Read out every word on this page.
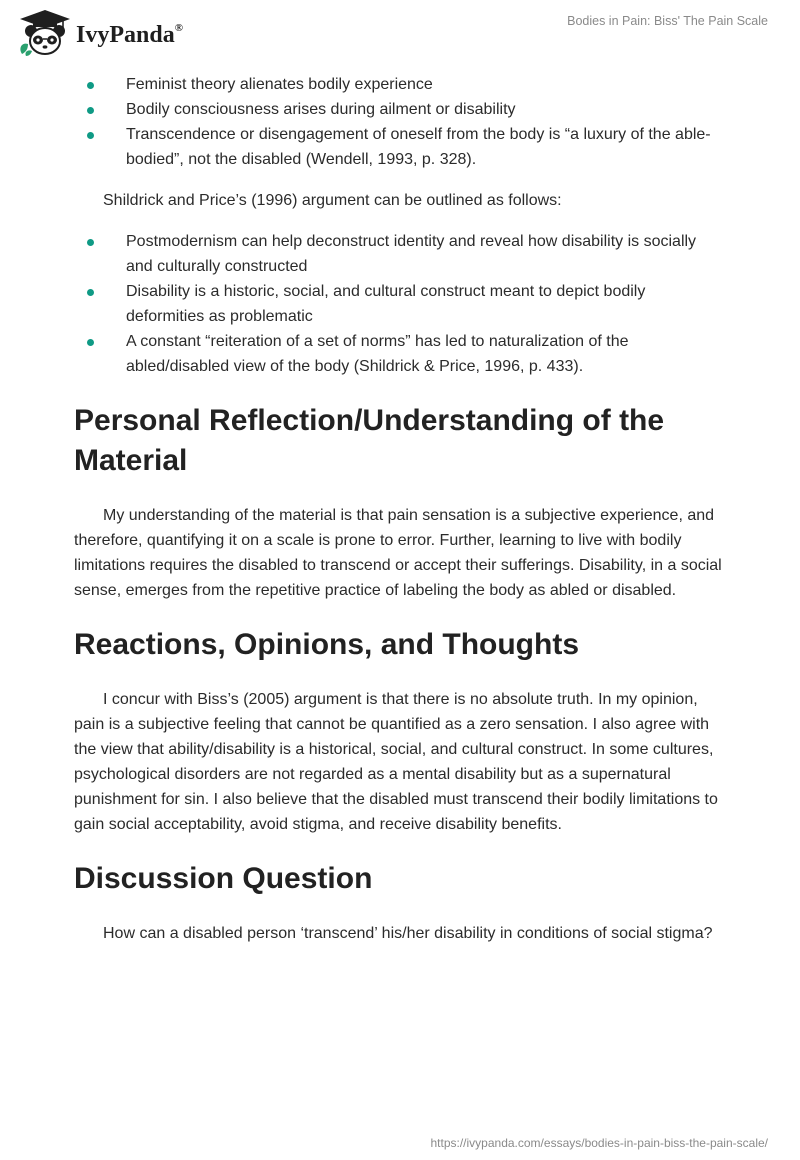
IvyPanda®	Bodies in Pain: Biss' The Pain Scale
Feminist theory alienates bodily experience
Bodily consciousness arises during ailment or disability
Transcendence or disengagement of oneself from the body is “a luxury of the able-bodied”, not the disabled (Wendell, 1993, p. 328).

Shildrick and Price’s (1996) argument can be outlined as follows:

Postmodernism can help deconstruct identity and reveal how disability is socially and culturally constructed
Disability is a historic, social, and cultural construct meant to depict bodily deformities as problematic
A constant “reiteration of a set of norms” has led to naturalization of the abled/disabled view of the body (Shildrick & Price, 1996, p. 433).
Personal Reflection/Understanding of the Material

My understanding of the material is that pain sensation is a subjective experience, and therefore, quantifying it on a scale is prone to error. Further, learning to live with bodily limitations requires the disabled to transcend or accept their sufferings. Disability, in a social sense, emerges from the repetitive practice of labeling the body as abled or disabled.

Reactions, Opinions, and Thoughts

I concur with Biss’s (2005) argument is that there is no absolute truth. In my opinion, pain is a subjective feeling that cannot be quantified as a zero sensation. I also agree with the view that ability/disability is a historical, social, and cultural construct. In some cultures, psychological disorders are not regarded as a mental disability but as a supernatural punishment for sin. I also believe that the disabled must transcend their bodily limitations to gain social acceptability, avoid stigma, and receive disability benefits.

Discussion Question

How can a disabled person ‘transcend’ his/her disability in conditions of social stigma?

https://ivypanda.com/essays/bodies-in-pain-biss-the-pain-scale/
